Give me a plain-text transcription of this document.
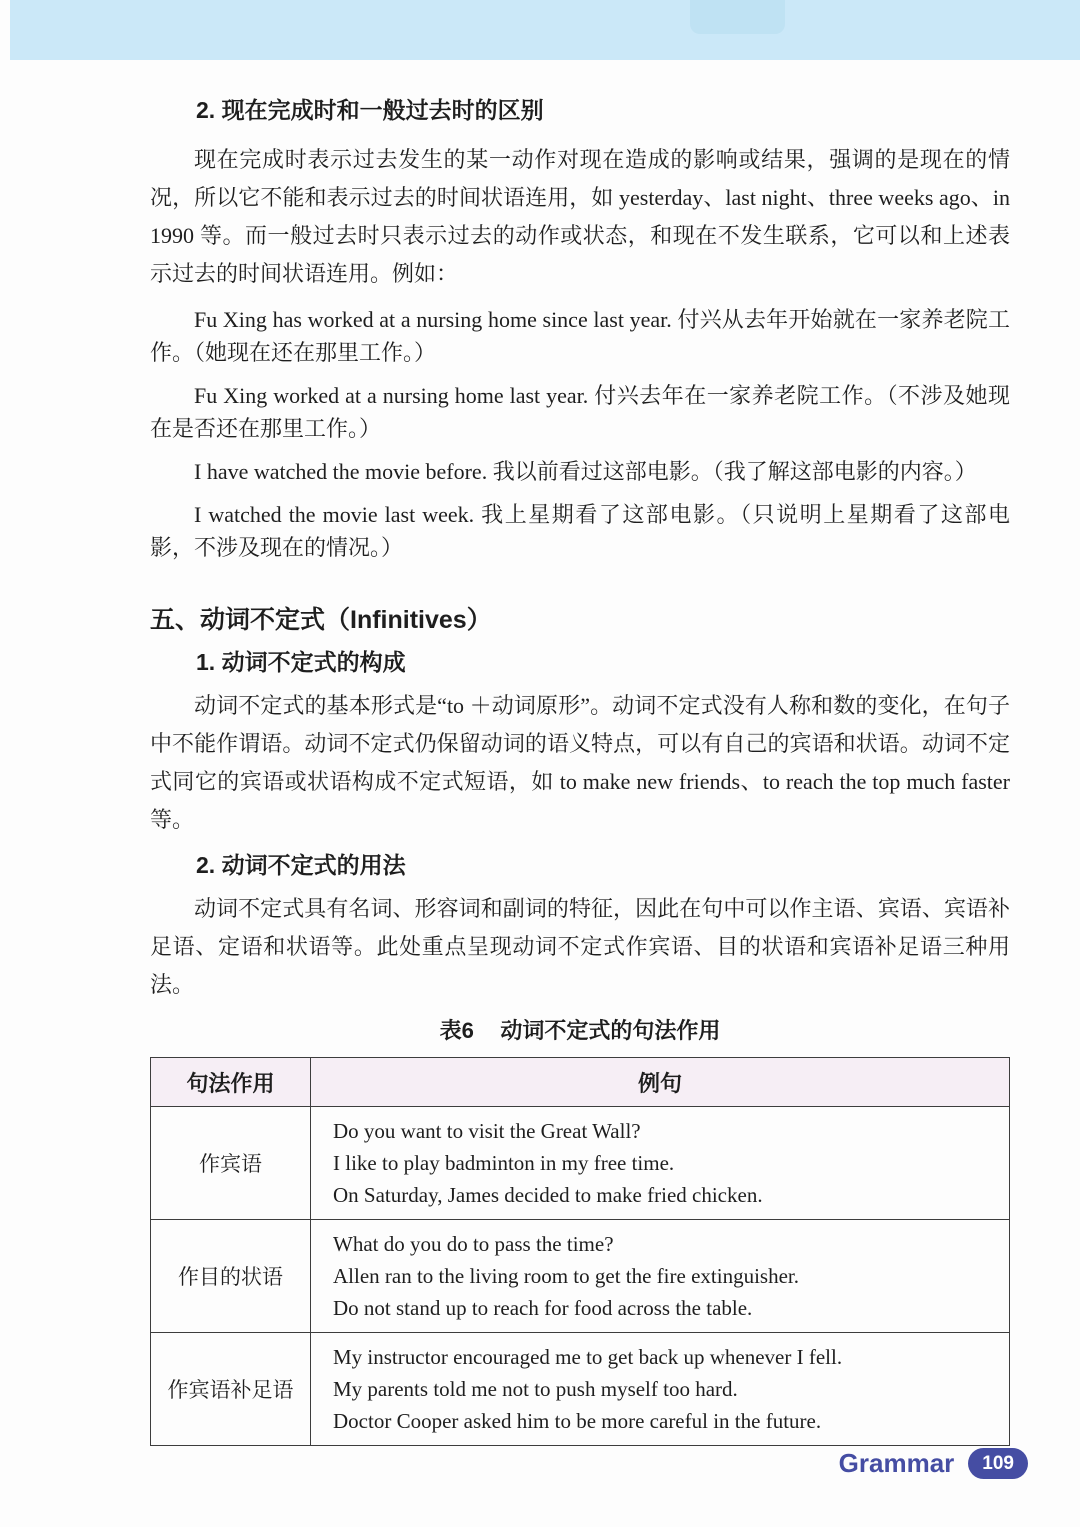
2. 现在完成时和一般过去时的区别

现在完成时表示过去发生的某一动作对现在造成的影响或结果，强调的是现在的情况，所以它不能和表示过去的时间状语连用，如 yesterday、last night、three weeks ago、in 1990 等。而一般过去时只表示过去的动作或状态，和现在不发生联系，它可以和上述表示过去的时间状语连用。例如：

Fu Xing has worked at a nursing home since last year. 付兴从去年开始就在一家养老院工作。（她现在还在那里工作。）

Fu Xing worked at a nursing home last year. 付兴去年在一家养老院工作。（不涉及她现在是否还在那里工作。）

I have watched the movie before. 我以前看过这部电影。（我了解这部电影的内容。）

I watched the movie last week. 我上星期看了这部电影。（只说明上星期看了这部电影，不涉及现在的情况。）

五、动词不定式（Infinitives）
1. 动词不定式的构成

动词不定式的基本形式是“to ＋动词原形”。动词不定式没有人称和数的变化，在句子中不能作谓语。动词不定式仍保留动词的语义特点，可以有自己的宾语和状语。动词不定式同它的宾语或状语构成不定式短语，如 to make new friends、to reach the top much faster 等。

2. 动词不定式的用法

动词不定式具有名词、形容词和副词的特征，因此在句中可以作主语、宾语、宾语补足语、定语和状语等。此处重点呈现动词不定式作宾语、目的状语和宾语补足语三种用法。

表6 动词不定式的句法作用
句法作用	例句
作宾语	Do you want to visit the Great Wall?
I like to play badminton in my free time.
On Saturday, James decided to make fried chicken.

作目的状语	What do you do to pass the time?
Allen ran to the living room to get the fire extinguisher.
Do not stand up to reach for food across the table.

作宾语补足语	My instructor encouraged me to get back up whenever I fell.
My parents told me not to push myself too hard.
Doctor Cooper asked him to be more careful in the future.
Grammar	109
